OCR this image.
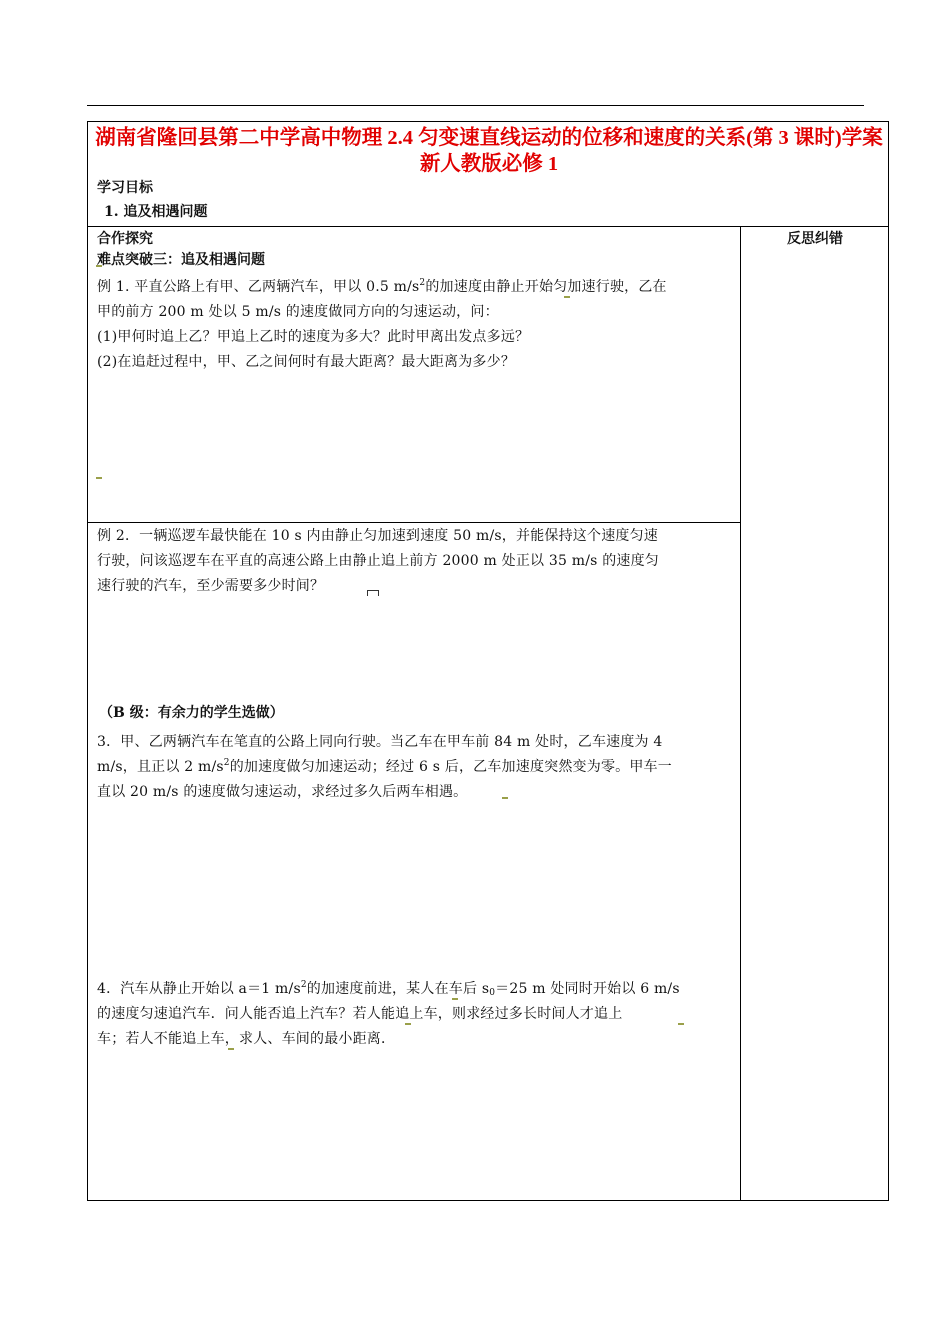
湖南省隆回县第二中学高中物理 2.4 匀变速直线运动的位移和速度的关系(第 3 课时)学案 新人教版必修 1

学习目标
1. 追及相遇问题
反思纠错
合作探究
难点突破三：追及相遇问题
例 1. 平直公路上有甲、乙两辆汽车，甲以 0.5 $m/s^2$的加速度由静止开始匀加速行驶，乙在
甲的前方 200 m 处以 5 m/s 的速度做同方向的匀速运动，问：
(1)甲何时追上乙？甲追上乙时的速度为多大？此时甲离出发点多远？
(2)在追赶过程中，甲、乙之间何时有最大距离？最大距离为多少？
例 2．一辆巡逻车最快能在 10 s 内由静止匀加速到速度 50 m/s，并能保持这个速度匀速
行驶，问该巡逻车在平直的高速公路上由静止追上前方 2000 m 处正以 35 m/s 的速度匀
速行驶的汽车，至少需要多少时间？
（B 级：有余力的学生选做）
3．甲、乙两辆汽车在笔直的公路上同向行驶。当乙车在甲车前 84 m 处时，乙车速度为 4
m/s，且正以 2 $m/s^2$的加速度做匀加速运动；经过 6 s 后，乙车加速度突然变为零。甲车一
直以 20 m/s 的速度做匀速运动，求经过多久后两车相遇。
4．汽车从静止开始以 a＝1 $m/s^2$的加速度前进，某人在车后 $s_0=25$ m 处同时开始以 6 m/s
的速度匀速追汽车．问人能否追上汽车？若人能追上车，则求经过多长时间人才追上
车；若人不能追上车，求人、车间的最小距离．
